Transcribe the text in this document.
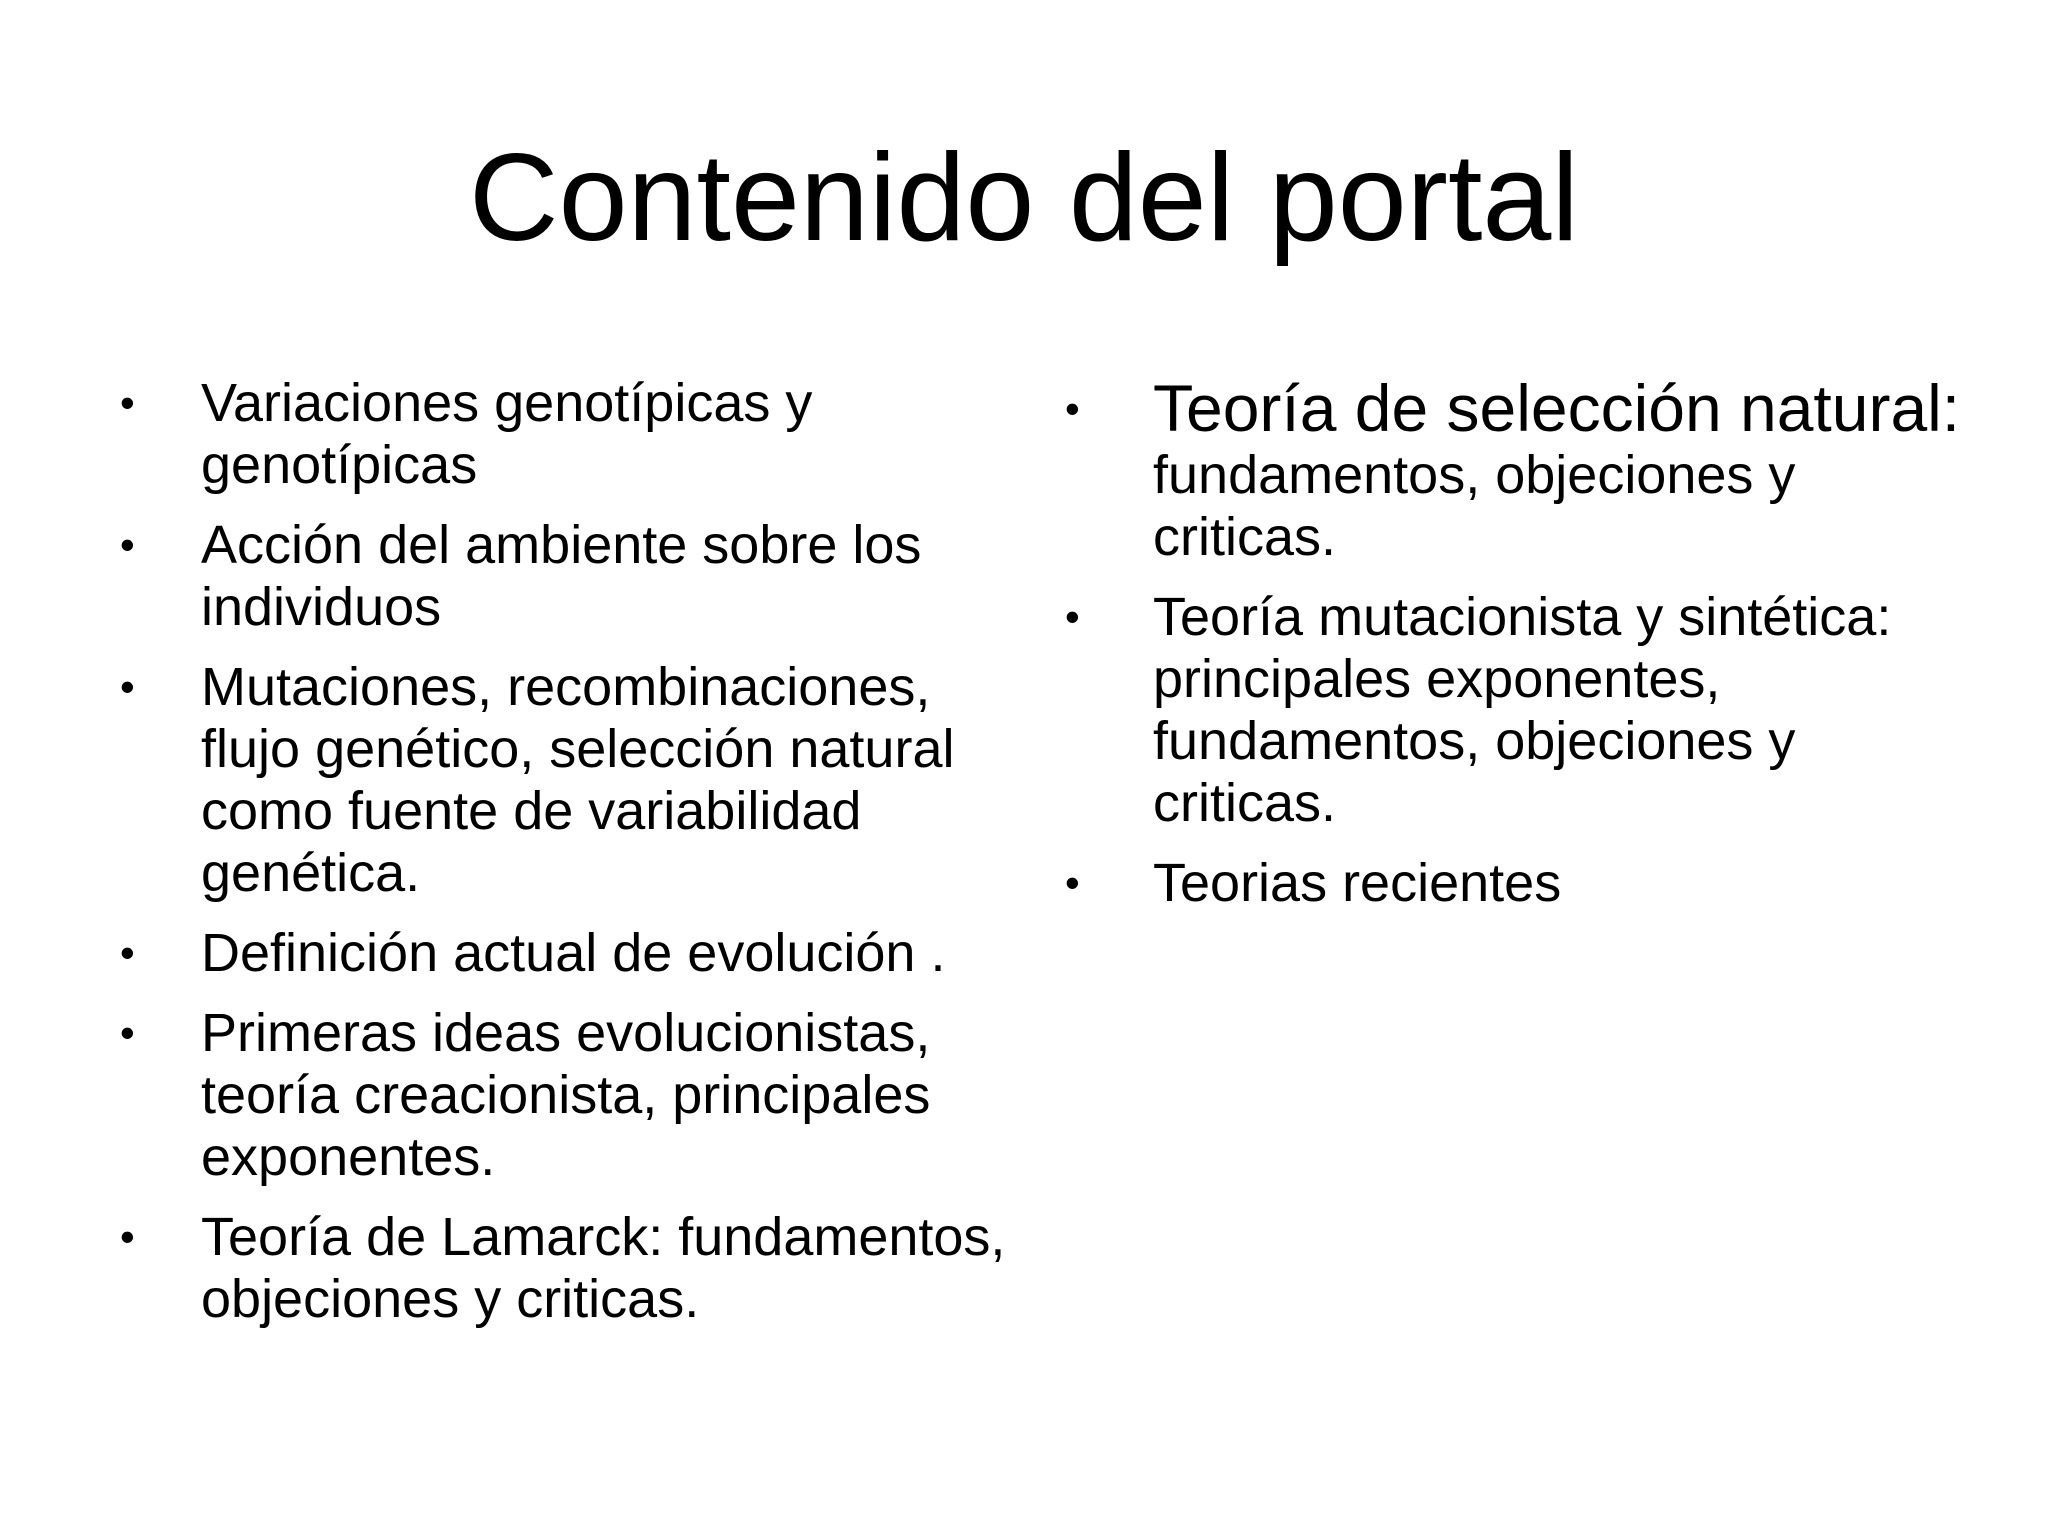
Contenido del portal
• Variaciones genotípicas y genotípicas
• Acción del ambiente sobre los individuos
• Mutaciones, recombinaciones, flujo genético, selección natural como fuente de variabilidad genética.
• Definición actual de evolución .
• Primeras ideas evolucionistas, teoría creacionista, principales exponentes.
• Teoría de Lamarck: fundamentos, objeciones y criticas.
• Teoría de selección natural: fundamentos, objeciones y criticas.
• Teoría mutacionista y sintética: principales exponentes, fundamentos, objeciones y criticas.
• Teorias recientes
